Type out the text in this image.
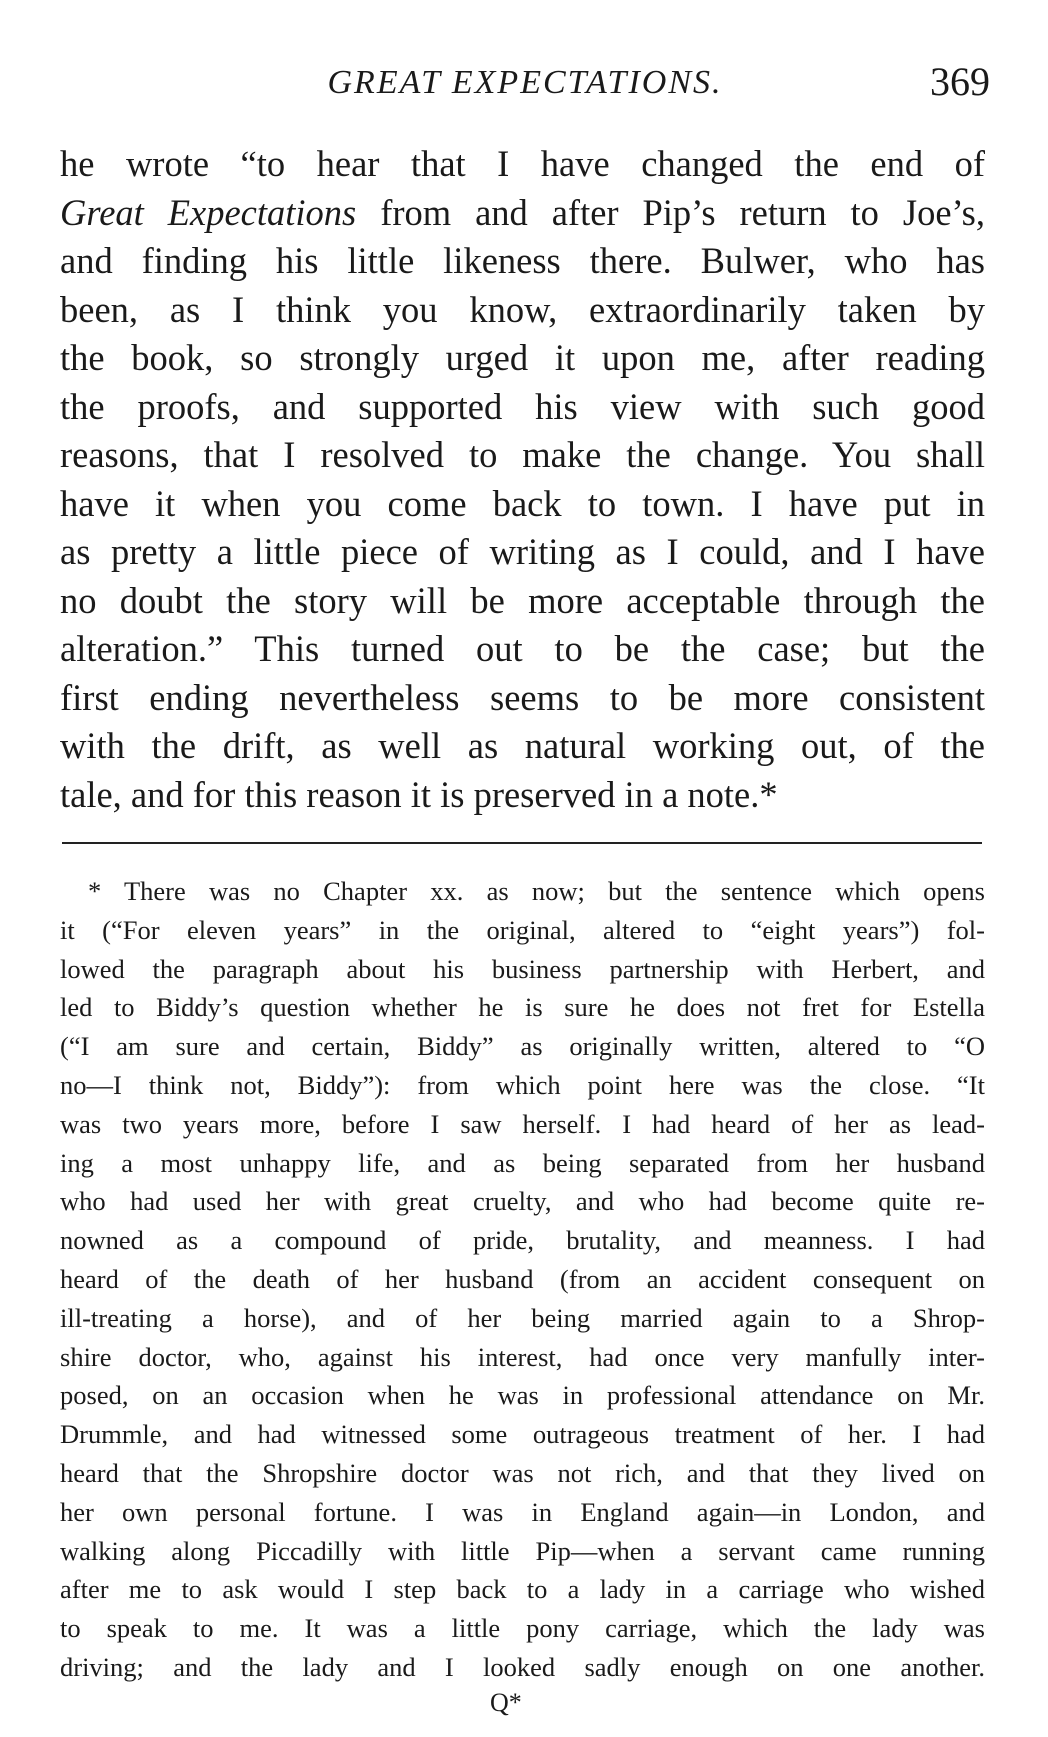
GREAT EXPECTATIONS.	369
he wrote “to hear that I have changed the end of
Great Expectations from and after Pip’s return to Joe’s,
and finding his little likeness there. Bulwer, who has
been, as I think you know, extraordinarily taken by
the book, so strongly urged it upon me, after reading
the proofs, and supported his view with such good
reasons, that I resolved to make the change. You shall
have it when you come back to town. I have put in
as pretty a little piece of writing as I could, and I have
no doubt the story will be more acceptable through the
alteration.” This turned out to be the case; but the
first ending nevertheless seems to be more consistent
with the drift, as well as natural working out, of the
tale, and for this reason it is preserved in a note.*
* There was no Chapter xx. as now; but the sentence which opens
it (“For eleven years” in the original, altered to “eight years”) fol-
lowed the paragraph about his business partnership with Herbert, and
led to Biddy’s question whether he is sure he does not fret for Estella
(“I am sure and certain, Biddy” as originally written, altered to “O
no—I think not, Biddy”): from which point here was the close. “It
was two years more, before I saw herself. I had heard of her as lead-
ing a most unhappy life, and as being separated from her husband
who had used her with great cruelty, and who had become quite re-
nowned as a compound of pride, brutality, and meanness. I had
heard of the death of her husband (from an accident consequent on
ill-treating a horse), and of her being married again to a Shrop-
shire doctor, who, against his interest, had once very manfully inter-
posed, on an occasion when he was in professional attendance on Mr.
Drummle, and had witnessed some outrageous treatment of her. I had
heard that the Shropshire doctor was not rich, and that they lived on
her own personal fortune. I was in England again—in London, and
walking along Piccadilly with little Pip—when a servant came running
after me to ask would I step back to a lady in a carriage who wished
to speak to me. It was a little pony carriage, which the lady was
driving; and the lady and I looked sadly enough on one another.
Q*
